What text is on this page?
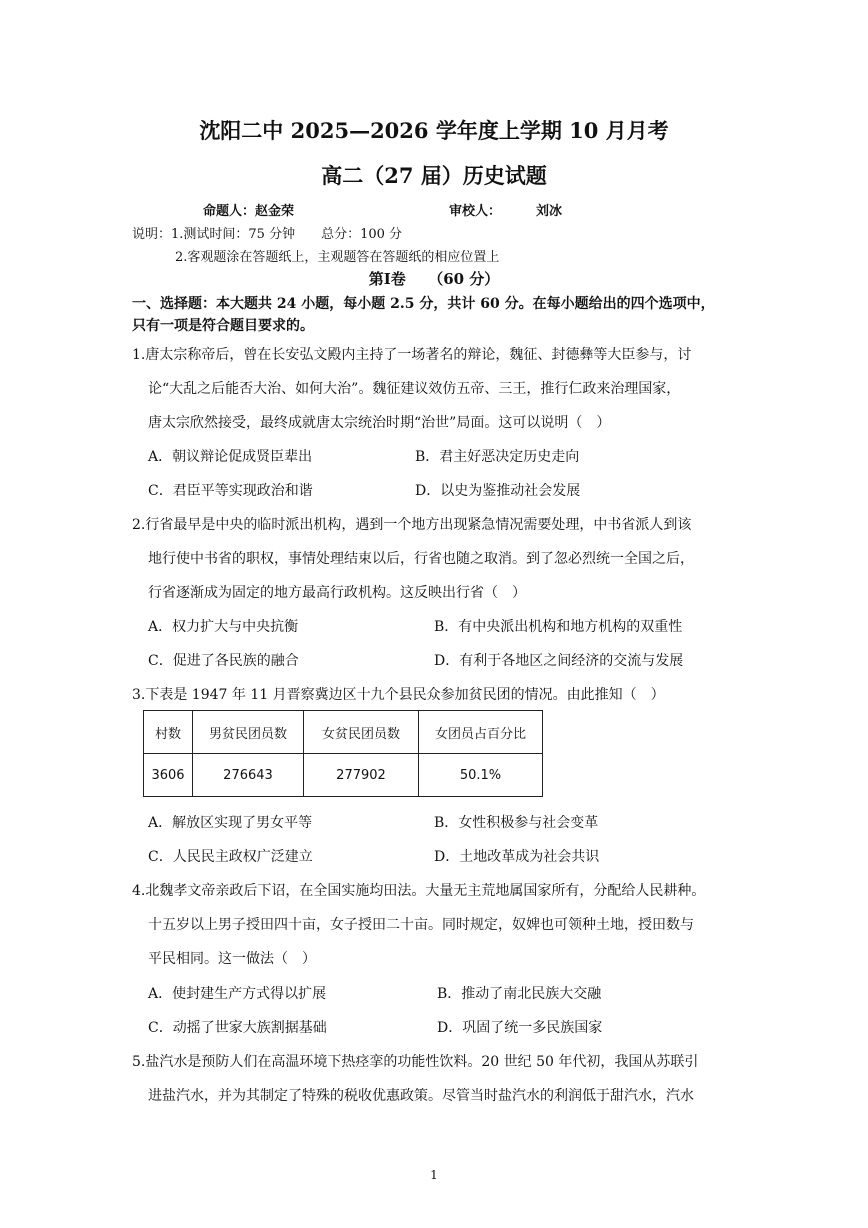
沈阳二中 2025—2026 学年度上学期 10 月月考
高二（27 届）历史试题
命题人：赵金荣	审校人：	刘冰
说明：1.测试时间：75 分钟　　总分：100 分
2.客观题涂在答题纸上，主观题答在答题纸的相应位置上
第Ⅰ卷　　（60 分）
一、选择题：本大题共 24 小题，每小题 2.5 分，共计 60 分。在每小题给出的四个选项中，
只有一项是符合题目要求的。
1.唐太宗称帝后，曾在长安弘文殿内主持了一场著名的辩论，魏征、封德彝等大臣参与，讨
论“大乱之后能否大治、如何大治”。魏征建议效仿五帝、三王，推行仁政来治理国家，
唐太宗欣然接受，最终成就唐太宗统治时期“治世”局面。这可以说明（　）
A．朝议辩论促成贤臣辈出	B．君主好恶决定历史走向
C．君臣平等实现政治和谐	D．以史为鉴推动社会发展
2.行省最早是中央的临时派出机构，遇到一个地方出现紧急情况需要处理，中书省派人到该
地行使中书省的职权，事情处理结束以后，行省也随之取消。到了忽必烈统一全国之后，
行省逐渐成为固定的地方最高行政机构。这反映出行省（　）
A．权力扩大与中央抗衡	B．有中央派出机构和地方机构的双重性
C．促进了各民族的融合	D．有利于各地区之间经济的交流与发展
3.下表是 1947 年 11 月晋察冀边区十九个县民众参加贫民团的情况。由此推知（　）
村数	男贫民团员数	女贫民团员数	女团员占百分比
3606	276643	277902	50.1%
A．解放区实现了男女平等	B．女性积极参与社会变革
C．人民民主政权广泛建立	D．土地改革成为社会共识
4.北魏孝文帝亲政后下诏，在全国实施均田法。大量无主荒地属国家所有，分配给人民耕种。
十五岁以上男子授田四十亩，女子授田二十亩。同时规定，奴婢也可领种土地，授田数与
平民相同。这一做法（　）
A．使封建生产方式得以扩展	B．推动了南北民族大交融
C．动摇了世家大族割据基础	D．巩固了统一多民族国家
5.盐汽水是预防人们在高温环境下热痉挛的功能性饮料。20 世纪 50 年代初，我国从苏联引
进盐汽水，并为其制定了特殊的税收优惠政策。尽管当时盐汽水的利润低于甜汽水，汽水
1
